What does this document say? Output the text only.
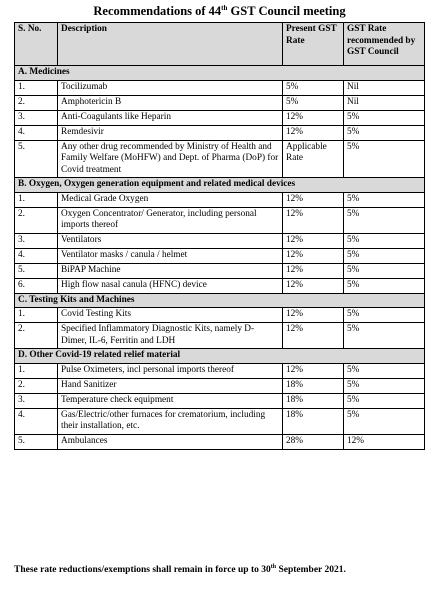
Recommendations of 44th GST Council meeting
S. No.	Description	Present GST Rate	GST Rate recommended by GST Council
A. Medicines			
1.	Tocilizumab	5%	Nil
2.	Amphotericin B	5%	Nil
3.	Anti-Coagulants like Heparin	12%	5%
4.	Remdesivir	12%	5%
5.	Any other drug recommended by Ministry of Health and Family Welfare (MoHFW) and Dept. of Pharma (DoP) for Covid treatment	Applicable Rate	5%
B. Oxygen, Oxygen generation equipment and related medical devices			
1.	Medical Grade Oxygen	12%	5%
2.	Oxygen Concentrator/ Generator, including personal imports thereof	12%	5%
3.	Ventilators	12%	5%
4.	Ventilator masks / canula / helmet	12%	5%
5.	BiPAP Machine	12%	5%
6.	High flow nasal canula (HFNC) device	12%	5%
C. Testing Kits and Machines			
1.	Covid Testing Kits	12%	5%
2.	Specified Inflammatory Diagnostic Kits, namely D-Dimer, IL-6, Ferritin and LDH	12%	5%
D. Other Covid-19 related relief material			
1.	Pulse Oximeters, incl personal imports thereof	12%	5%
2.	Hand Sanitizer	18%	5%
3.	Temperature check equipment	18%	5%
4.	Gas/Electric/other furnaces for crematorium, including their installation, etc.	18%	5%
5.	Ambulances	28%	12%
These rate reductions/exemptions shall remain in force up to 30th September 2021.
